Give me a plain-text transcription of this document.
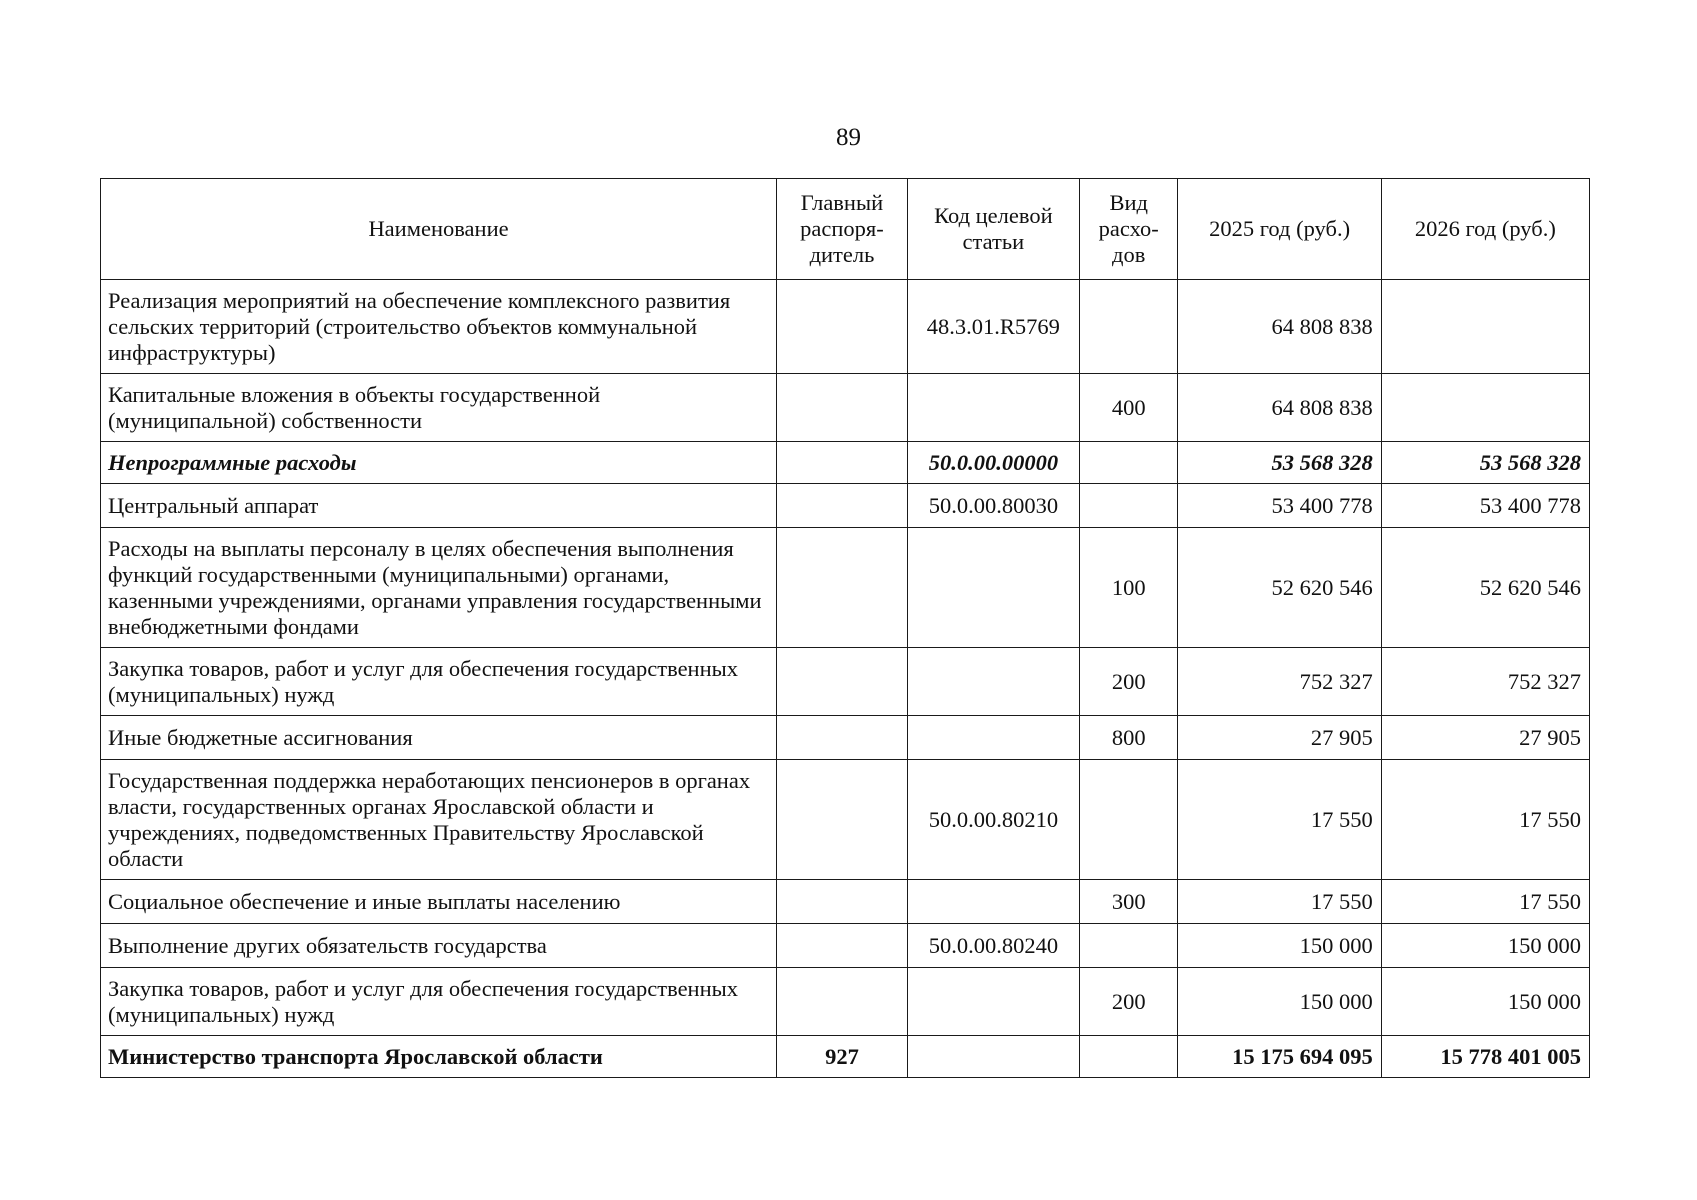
89
Наименование	Главный распоря-дитель	Код целевой статьи	Вид расхо-дов	2025 год (руб.)	2026 год (руб.)
Реализация мероприятий на обеспечение комплексного развития сельских территорий (строительство объектов коммунальной инфраструктуры)		48.3.01.R5769		64 808 838	
Капитальные вложения в объекты государственной (муниципальной) собственности			400	64 808 838	
Непрограммные расходы		50.0.00.00000		53 568 328	53 568 328
Центральный аппарат		50.0.00.80030		53 400 778	53 400 778
Расходы на выплаты персоналу в целях обеспечения выполнения функций государственными (муниципальными) органами, казенными учреждениями, органами управления государственными внебюджетными фондами			100	52 620 546	52 620 546
Закупка товаров, работ и услуг для обеспечения государственных (муниципальных) нужд			200	752 327	752 327
Иные бюджетные ассигнования			800	27 905	27 905
Государственная поддержка неработающих пенсионеров в органах власти, государственных органах Ярославской области и учреждениях, подведомственных Правительству Ярославской области		50.0.00.80210		17 550	17 550
Социальное обеспечение и иные выплаты населению			300	17 550	17 550
Выполнение других обязательств государства		50.0.00.80240		150 000	150 000
Закупка товаров, работ и услуг для обеспечения государственных (муниципальных) нужд			200	150 000	150 000
Министерство транспорта Ярославской области	927			15 175 694 095	15 778 401 005
